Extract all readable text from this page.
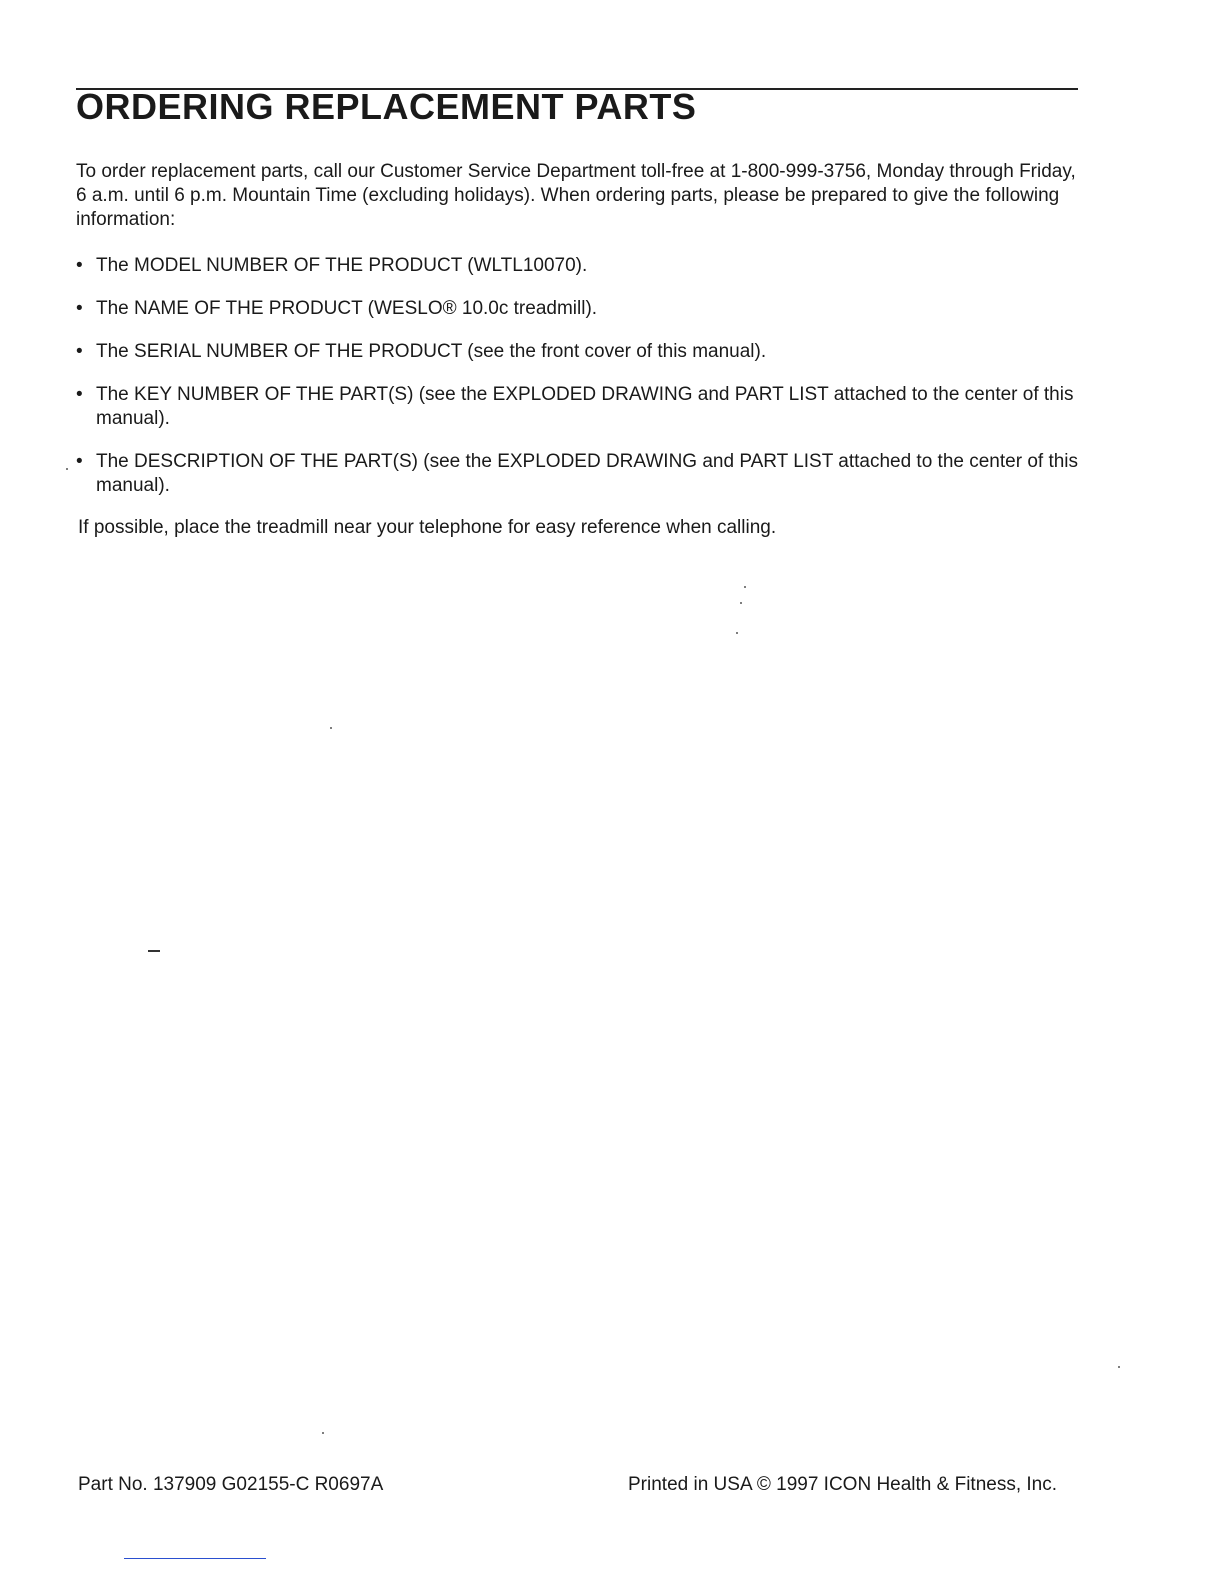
ORDERING REPLACEMENT PARTS

To order replacement parts, call our Customer Service Department toll-free at 1-800-999-3756, Monday through Friday, 6 a.m. until 6 p.m. Mountain Time (excluding holidays). When ordering parts, please be prepared to give the following information:

• The MODEL NUMBER OF THE PRODUCT (WLTL10070).
• The NAME OF THE PRODUCT (WESLO® 10.0c treadmill).
• The SERIAL NUMBER OF THE PRODUCT (see the front cover of this manual).
• The KEY NUMBER OF THE PART(S) (see the EXPLODED DRAWING and PART LIST attached to the center of this manual).
• The DESCRIPTION OF THE PART(S) (see the EXPLODED DRAWING and PART LIST attached to the center of this manual).

If possible, place the treadmill near your telephone for easy reference when calling.

Part No. 137909 G02155-C R0697A	Printed in USA © 1997 ICON Health & Fitness, Inc.
